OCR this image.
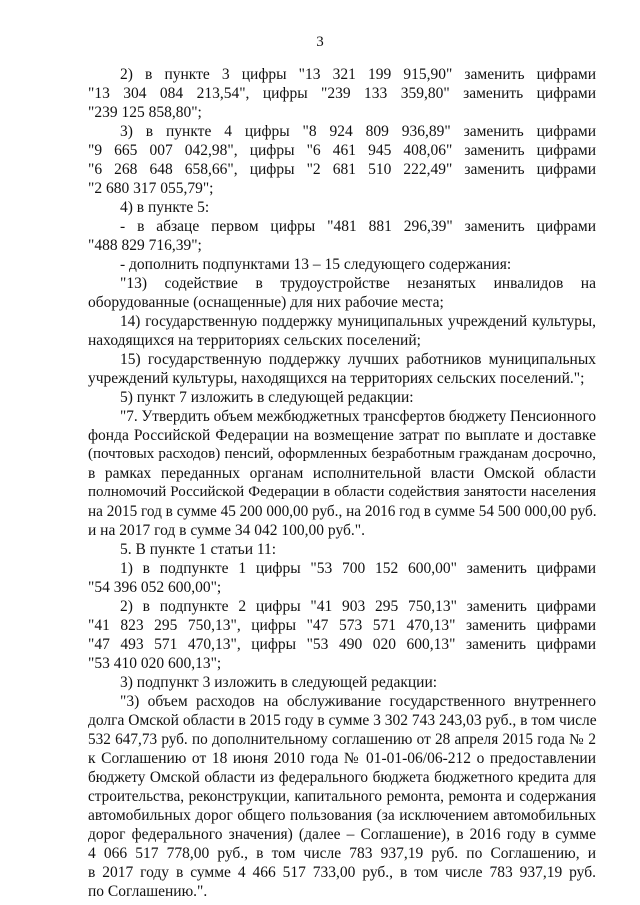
3
2) в пункте 3 цифры "13 321 199 915,90" заменить цифрами
"13 304 084 213,54", цифры "239 133 359,80" заменить цифрами
"239 125 858,80";
3) в пункте 4 цифры "8 924 809 936,89" заменить цифрами
"9 665 007 042,98", цифры "6 461 945 408,06" заменить цифрами
"6 268 648 658,66", цифры "2 681 510 222,49" заменить цифрами
"2 680 317 055,79";
4) в пункте 5:
- в абзаце первом цифры "481 881 296,39" заменить цифрами
"488 829 716,39";
- дополнить подпунктами 13 – 15 следующего содержания:
"13) содействие в трудоустройстве незанятых инвалидов на
оборудованные (оснащенные) для них рабочие места;
14) государственную поддержку муниципальных учреждений культуры,
находящихся на территориях сельских поселений;
15) государственную поддержку лучших работников муниципальных
учреждений культуры, находящихся на территориях сельских поселений.";
5) пункт 7 изложить в следующей редакции:
"7. Утвердить объем межбюджетных трансфертов бюджету Пенсионного
фонда Российской Федерации на возмещение затрат по выплате и доставке
(почтовых расходов) пенсий, оформленных безработным гражданам досрочно,
в рамках переданных органам исполнительной власти Омской области
полномочий Российской Федерации в области содействия занятости населения
на 2015 год в сумме 45 200 000,00 руб., на 2016 год в сумме 54 500 000,00 руб.
и на 2017 год в сумме 34 042 100,00 руб.".
5. В пункте 1 статьи 11:
1) в подпункте 1 цифры "53 700 152 600,00" заменить цифрами
"54 396 052 600,00";
2) в подпункте 2 цифры "41 903 295 750,13" заменить цифрами
"41 823 295 750,13", цифры "47 573 571 470,13" заменить цифрами
"47 493 571 470,13", цифры "53 490 020 600,13" заменить цифрами
"53 410 020 600,13";
3) подпункт 3 изложить в следующей редакции:
"3) объем расходов на обслуживание государственного внутреннего
долга Омской области в 2015 году в сумме 3 302 743 243,03 руб., в том числе
532 647,73 руб. по дополнительному соглашению от 28 апреля 2015 года № 2
к Соглашению от 18 июня 2010 года № 01-01-06/06-212 о предоставлении
бюджету Омской области из федерального бюджета бюджетного кредита для
строительства, реконструкции, капитального ремонта, ремонта и содержания
автомобильных дорог общего пользования (за исключением автомобильных
дорог федерального значения) (далее – Соглашение), в 2016 году в сумме
4 066 517 778,00 руб., в том числе 783 937,19 руб. по Соглашению, и
в 2017 году в сумме 4 466 517 733,00 руб., в том числе 783 937,19 руб.
по Соглашению.".
